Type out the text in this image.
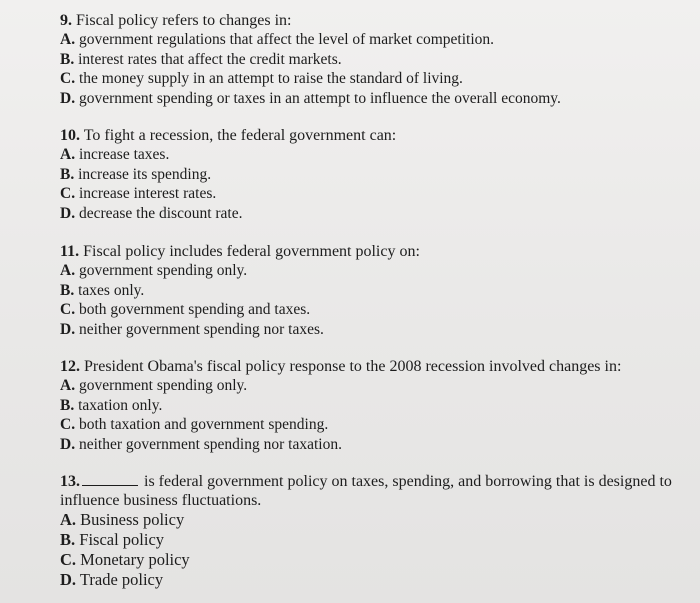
9. Fiscal policy refers to changes in:

A. government regulations that affect the level of market competition.

B. interest rates that affect the credit markets.

C. the money supply in an attempt to raise the standard of living.

D. government spending or taxes in an attempt to influence the overall economy.

10. To fight a recession, the federal government can:

A. increase taxes.

B. increase its spending.

C. increase interest rates.

D. decrease the discount rate.

11. Fiscal policy includes federal government policy on:

A. government spending only.

B. taxes only.

C. both government spending and taxes.

D. neither government spending nor taxes.

12. President Obama's fiscal policy response to the 2008 recession involved changes in:

A. government spending only.

B. taxation only.

C. both taxation and government spending.

D. neither government spending nor taxation.

13.	is federal government policy on taxes, spending, and borrowing that is designed to influence business fluctuations.

A. Business policy

B. Fiscal policy

C. Monetary policy

D. Trade policy
